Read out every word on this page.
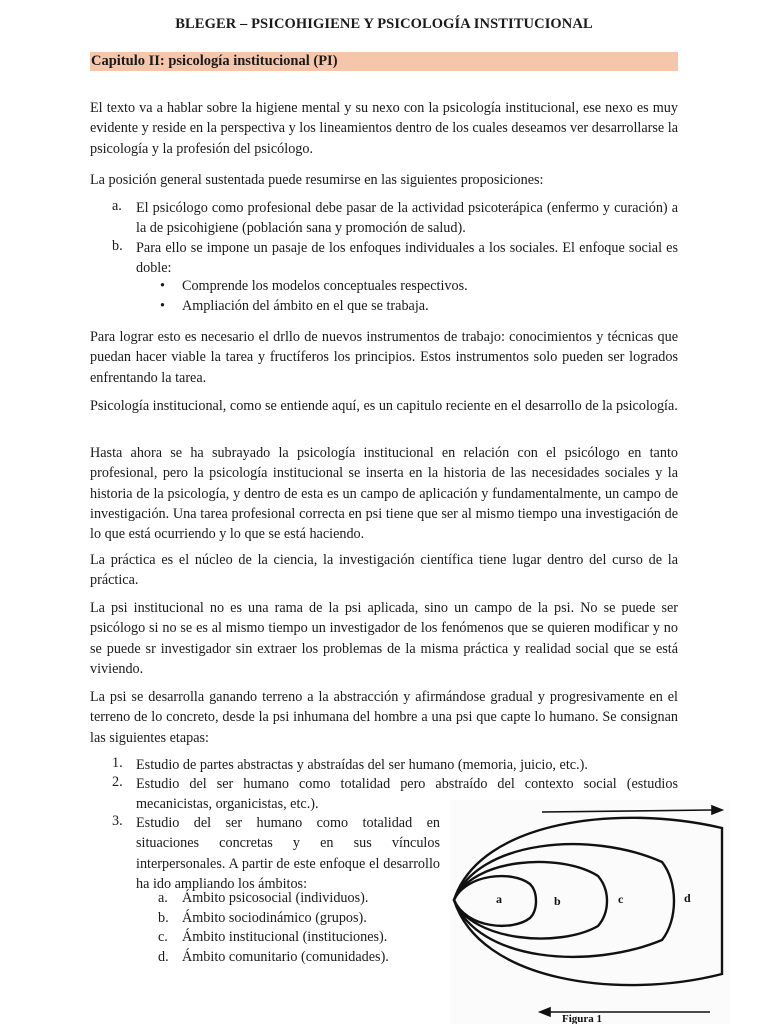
BLEGER – PSICOHIGIENE Y PSICOLOGÍA INSTITUCIONAL
Capitulo II: psicología institucional (PI)

El texto va a hablar sobre la higiene mental y su nexo con la psicología institucional, ese nexo es muy evidente y reside en la perspectiva y los lineamientos dentro de los cuales deseamos ver desarrollarse la psicología y la profesión del psicólogo.

La posición general sustentada puede resumirse en las siguientes proposiciones:

a. El psicólogo como profesional debe pasar de la actividad psicoterápica (enfermo y curación) a la de psicohigiene (población sana y promoción de salud).
b. Para ello se impone un pasaje de los enfoques individuales a los sociales. El enfoque social es doble:
• Comprende los modelos conceptuales respectivos.
• Ampliación del ámbito en el que se trabaja.

Para lograr esto es necesario el drllo de nuevos instrumentos de trabajo: conocimientos y técnicas que puedan hacer viable la tarea y fructíferos los principios. Estos instrumentos solo pueden ser logrados enfrentando la tarea.

Psicología institucional, como se entiende aquí, es un capitulo reciente en el desarrollo de la psicología.

Hasta ahora se ha subrayado la psicología institucional en relación con el psicólogo en tanto profesional, pero la psicología institucional se inserta en la historia de las necesidades sociales y la historia de la psicología, y dentro de esta es un campo de aplicación y fundamentalmente, un campo de investigación. Una tarea profesional correcta en psi tiene que ser al mismo tiempo una investigación de lo que está ocurriendo y lo que se está haciendo.

La práctica es el núcleo de la ciencia, la investigación científica tiene lugar dentro del curso de la práctica.

La psi institucional no es una rama de la psi aplicada, sino un campo de la psi. No se puede ser psicólogo si no se es al mismo tiempo un investigador de los fenómenos que se quieren modificar y no se puede sr investigador sin extraer los problemas de la misma práctica y realidad social que se está viviendo.

La psi se desarrolla ganando terreno a la abstracción y afirmándose gradual y progresivamente en el terreno de lo concreto, desde la psi inhumana del hombre a una psi que capte lo humano. Se consignan las siguientes etapas:

1. Estudio de partes abstractas y abstraídas del ser humano (memoria, juicio, etc.).
2. Estudio del ser humano como totalidad pero abstraído del contexto social (estudios mecanicistas, organicistas, etc.).
3. Estudio del ser humano como totalidad en situaciones concretas y en sus vínculos interpersonales. A partir de este enfoque el desarrollo ha ido ampliando los ámbitos:
a. Ámbito psicosocial (individuos).
b. Ámbito sociodinámico (grupos).
c. Ámbito institucional (instituciones).
d. Ámbito comunitario (comunidades).
a	b	c	d
Figura 1
